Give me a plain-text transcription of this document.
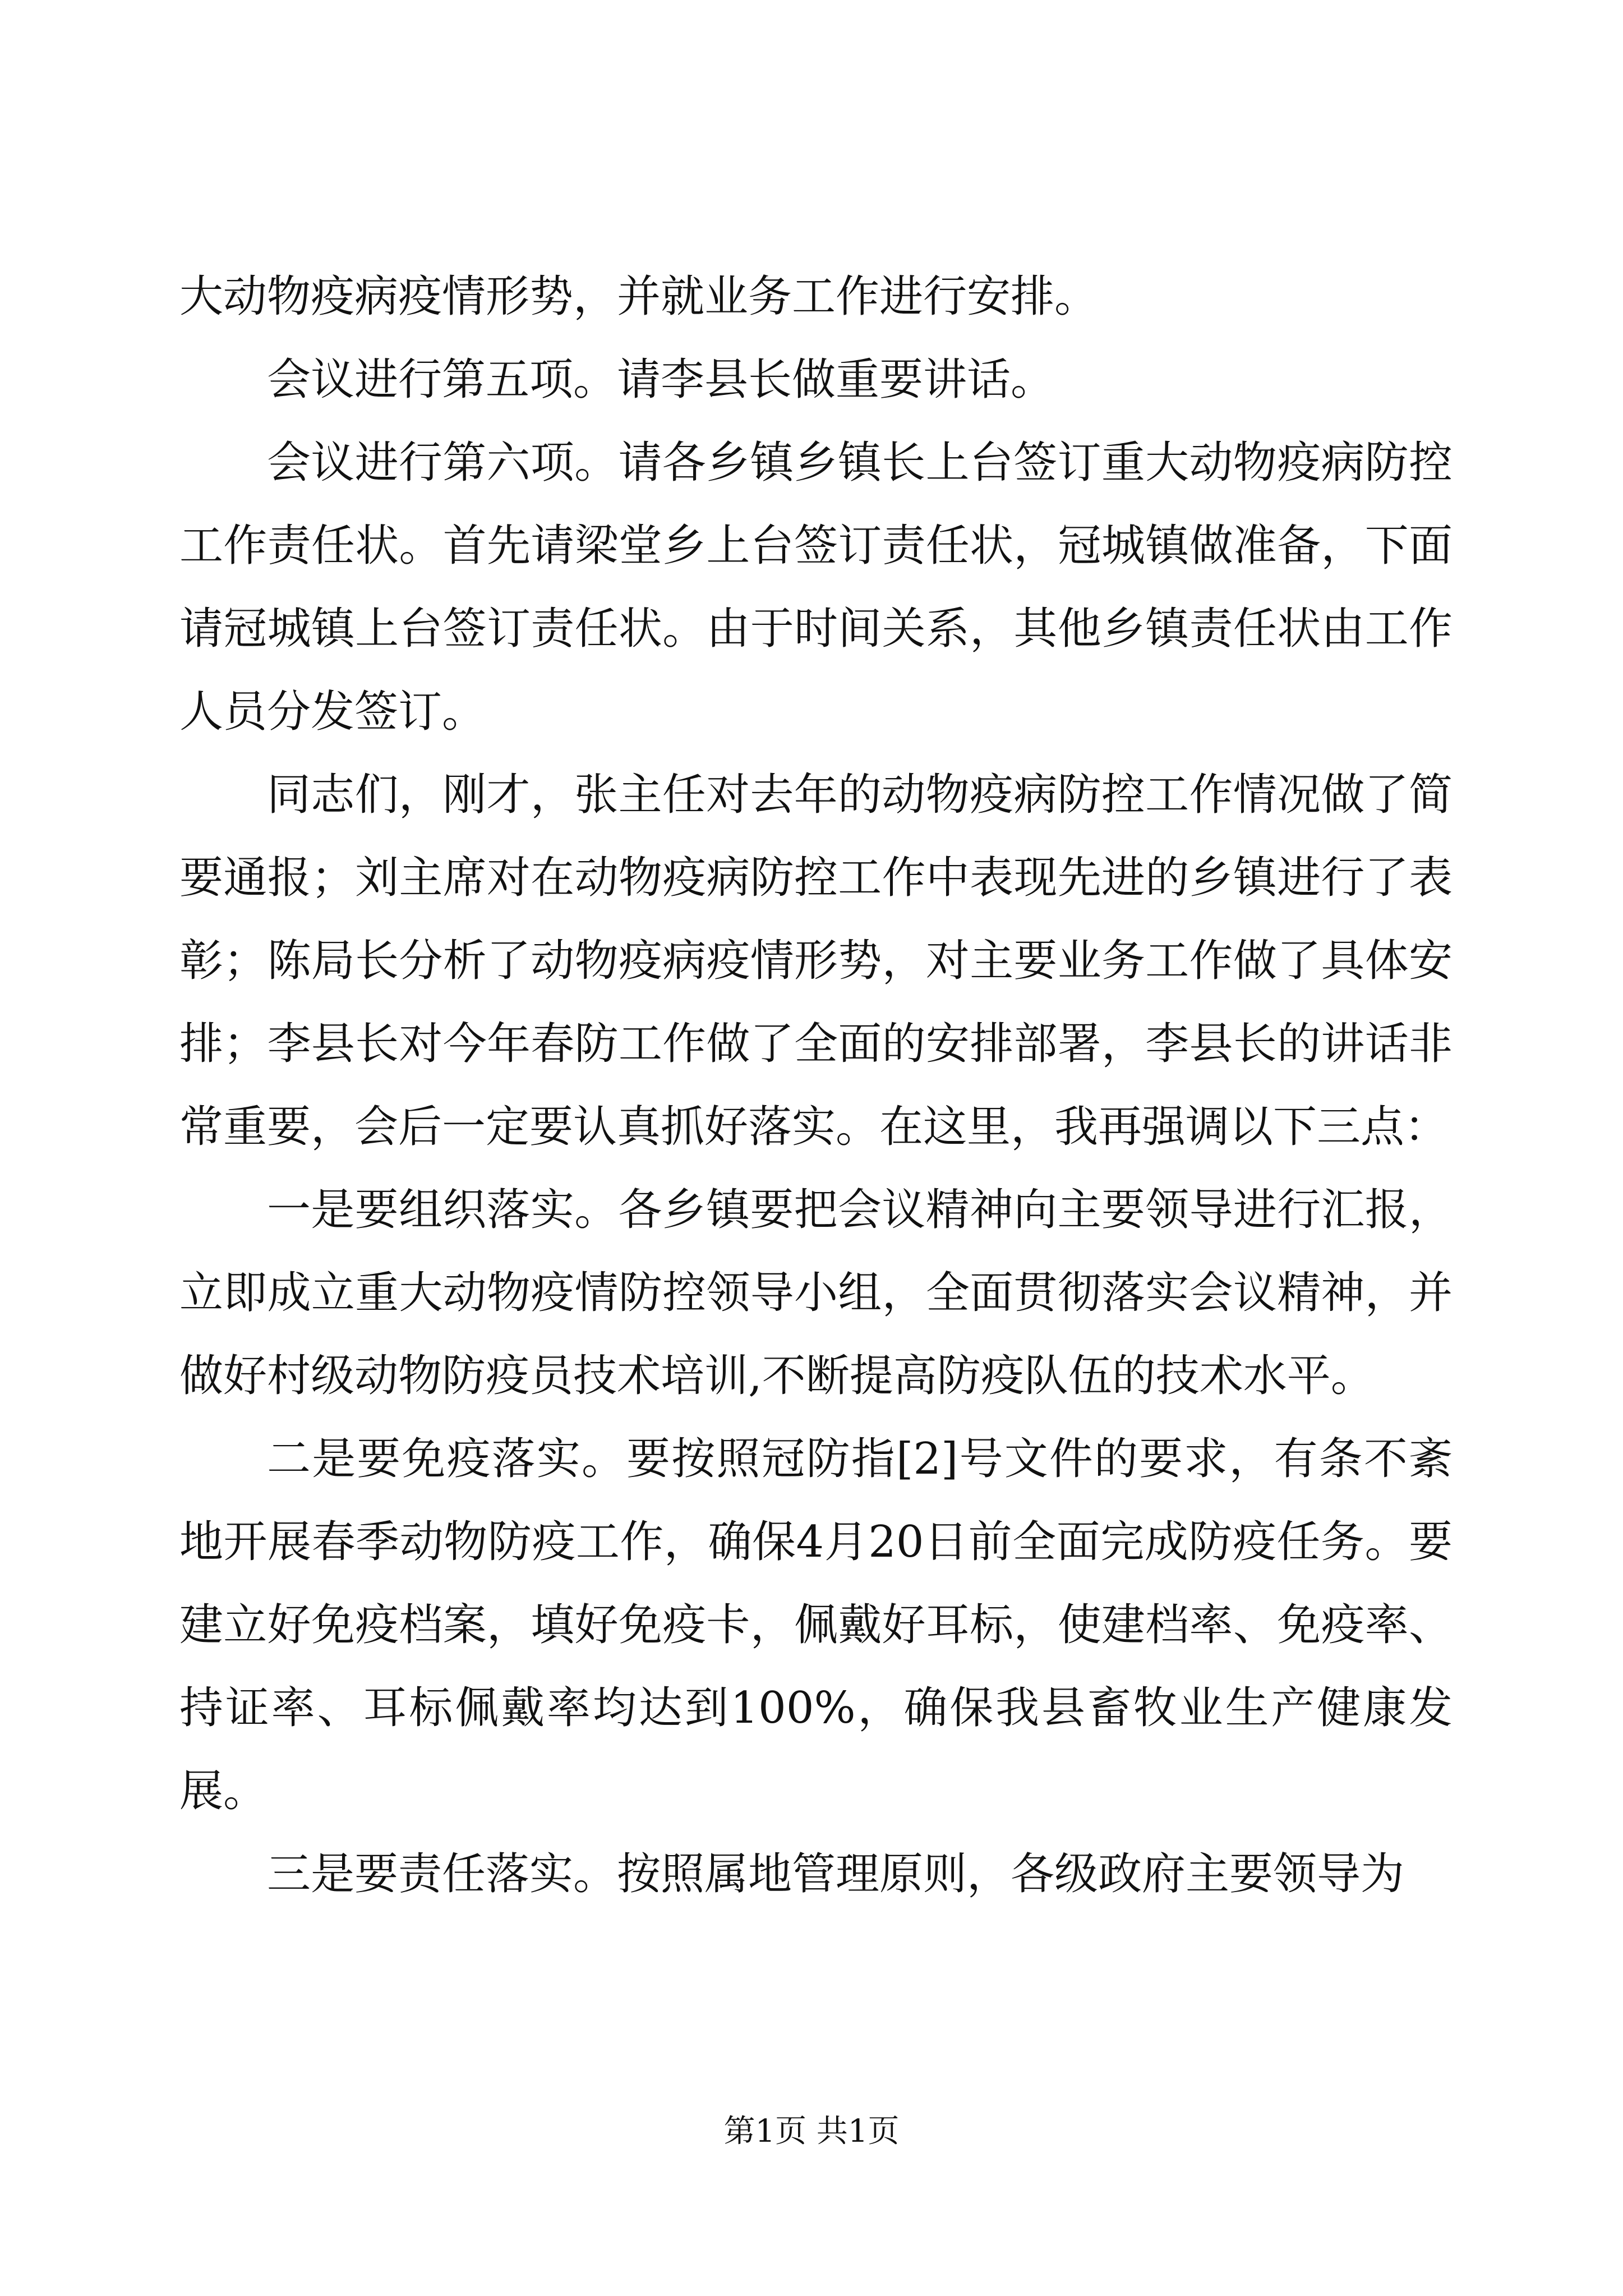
大动物疫病疫情形势，并就业务工作进行安排。

会议进行第五项。请李县长做重要讲话。

会议进行第六项。请各乡镇乡镇长上台签订重大动物疫病防控工作责任状。首先请梁堂乡上台签订责任状，冠城镇做准备，下面请冠城镇上台签订责任状。由于时间关系，其他乡镇责任状由工作人员分发签订。

同志们，刚才，张主任对去年的动物疫病防控工作情况做了简要通报；刘主席对在动物疫病防控工作中表现先进的乡镇进行了表彰；陈局长分析了动物疫病疫情形势，对主要业务工作做了具体安排；李县长对今年春防工作做了全面的安排部署，李县长的讲话非常重要，会后一定要认真抓好落实。在这里，我再强调以下三点：

一是要组织落实。各乡镇要把会议精神向主要领导进行汇报，立即成立重大动物疫情防控领导小组，全面贯彻落实会议精神，并做好村级动物防疫员技术培训,不断提高防疫队伍的技术水平。

二是要免疫落实。要按照冠防指[2]号文件的要求，有条不紊地开展春季动物防疫工作，确保4月20日前全面完成防疫任务。要建立好免疫档案，填好免疫卡，佩戴好耳标，使建档率、免疫率、持证率、耳标佩戴率均达到100%，确保我县畜牧业生产健康发展。

三是要责任落实。按照属地管理原则，各级政府主要领导为

第1页 共1页
